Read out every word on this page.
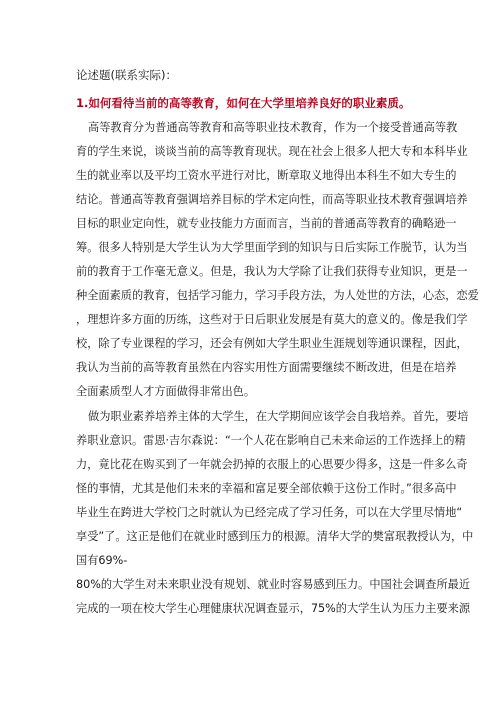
论述题(联系实际)：
1.如何看待当前的高等教育，如何在大学里培养良好的职业素质。
高等教育分为普通高等教育和高等职业技术教育，作为一个接受普通高等教
育的学生来说，谈谈当前的高等教育现状。现在社会上很多人把大专和本科毕业
生的就业率以及平均工资水平进行对比，断章取义地得出本科生不如大专生的
结论。普通高等教育强调培养目标的学术定向性，而高等职业技术教育强调培养
目标的职业定向性，就专业技能力方面而言，当前的普通高等教育的确略逊一
筹。很多人特别是大学生认为大学里面学到的知识与日后实际工作脱节，认为当
前的教育于工作毫无意义。但是，我认为大学除了让我们获得专业知识，更是一
种全面素质的教育，包括学习能力，学习手段方法，为人处世的方法，心态，恋爱
，理想许多方面的历练，这些对于日后职业发展是有莫大的意义的。像是我们学
校，除了专业课程的学习，还会有例如大学生职业生涯规划等通识课程，因此，
我认为当前的高等教育虽然在内容实用性方面需要继续不断改进，但是在培养
全面素质型人才方面做得非常出色。
做为职业素养培养主体的大学生，在大学期间应该学会自我培养。首先，要培
养职业意识。雷恩·吉尔森说：“一个人花在影响自己未来命运的工作选择上的精
力，竟比花在购买到了一年就会扔掉的衣服上的心思要少得多，这是一件多么奇
怪的事情，尤其是他们未来的幸福和富足要全部依赖于这份工作时。”很多高中
毕业生在跨进大学校门之时就认为已经完成了学习任务，可以在大学里尽情地“
享受”了。这正是他们在就业时感到压力的根源。清华大学的樊富珉教授认为，中
国有69%-
80%的大学生对未来职业没有规划、就业时容易感到压力。中国社会调查所最近
完成的一项在校大学生心理健康状况调查显示，75%的大学生认为压力主要来源
